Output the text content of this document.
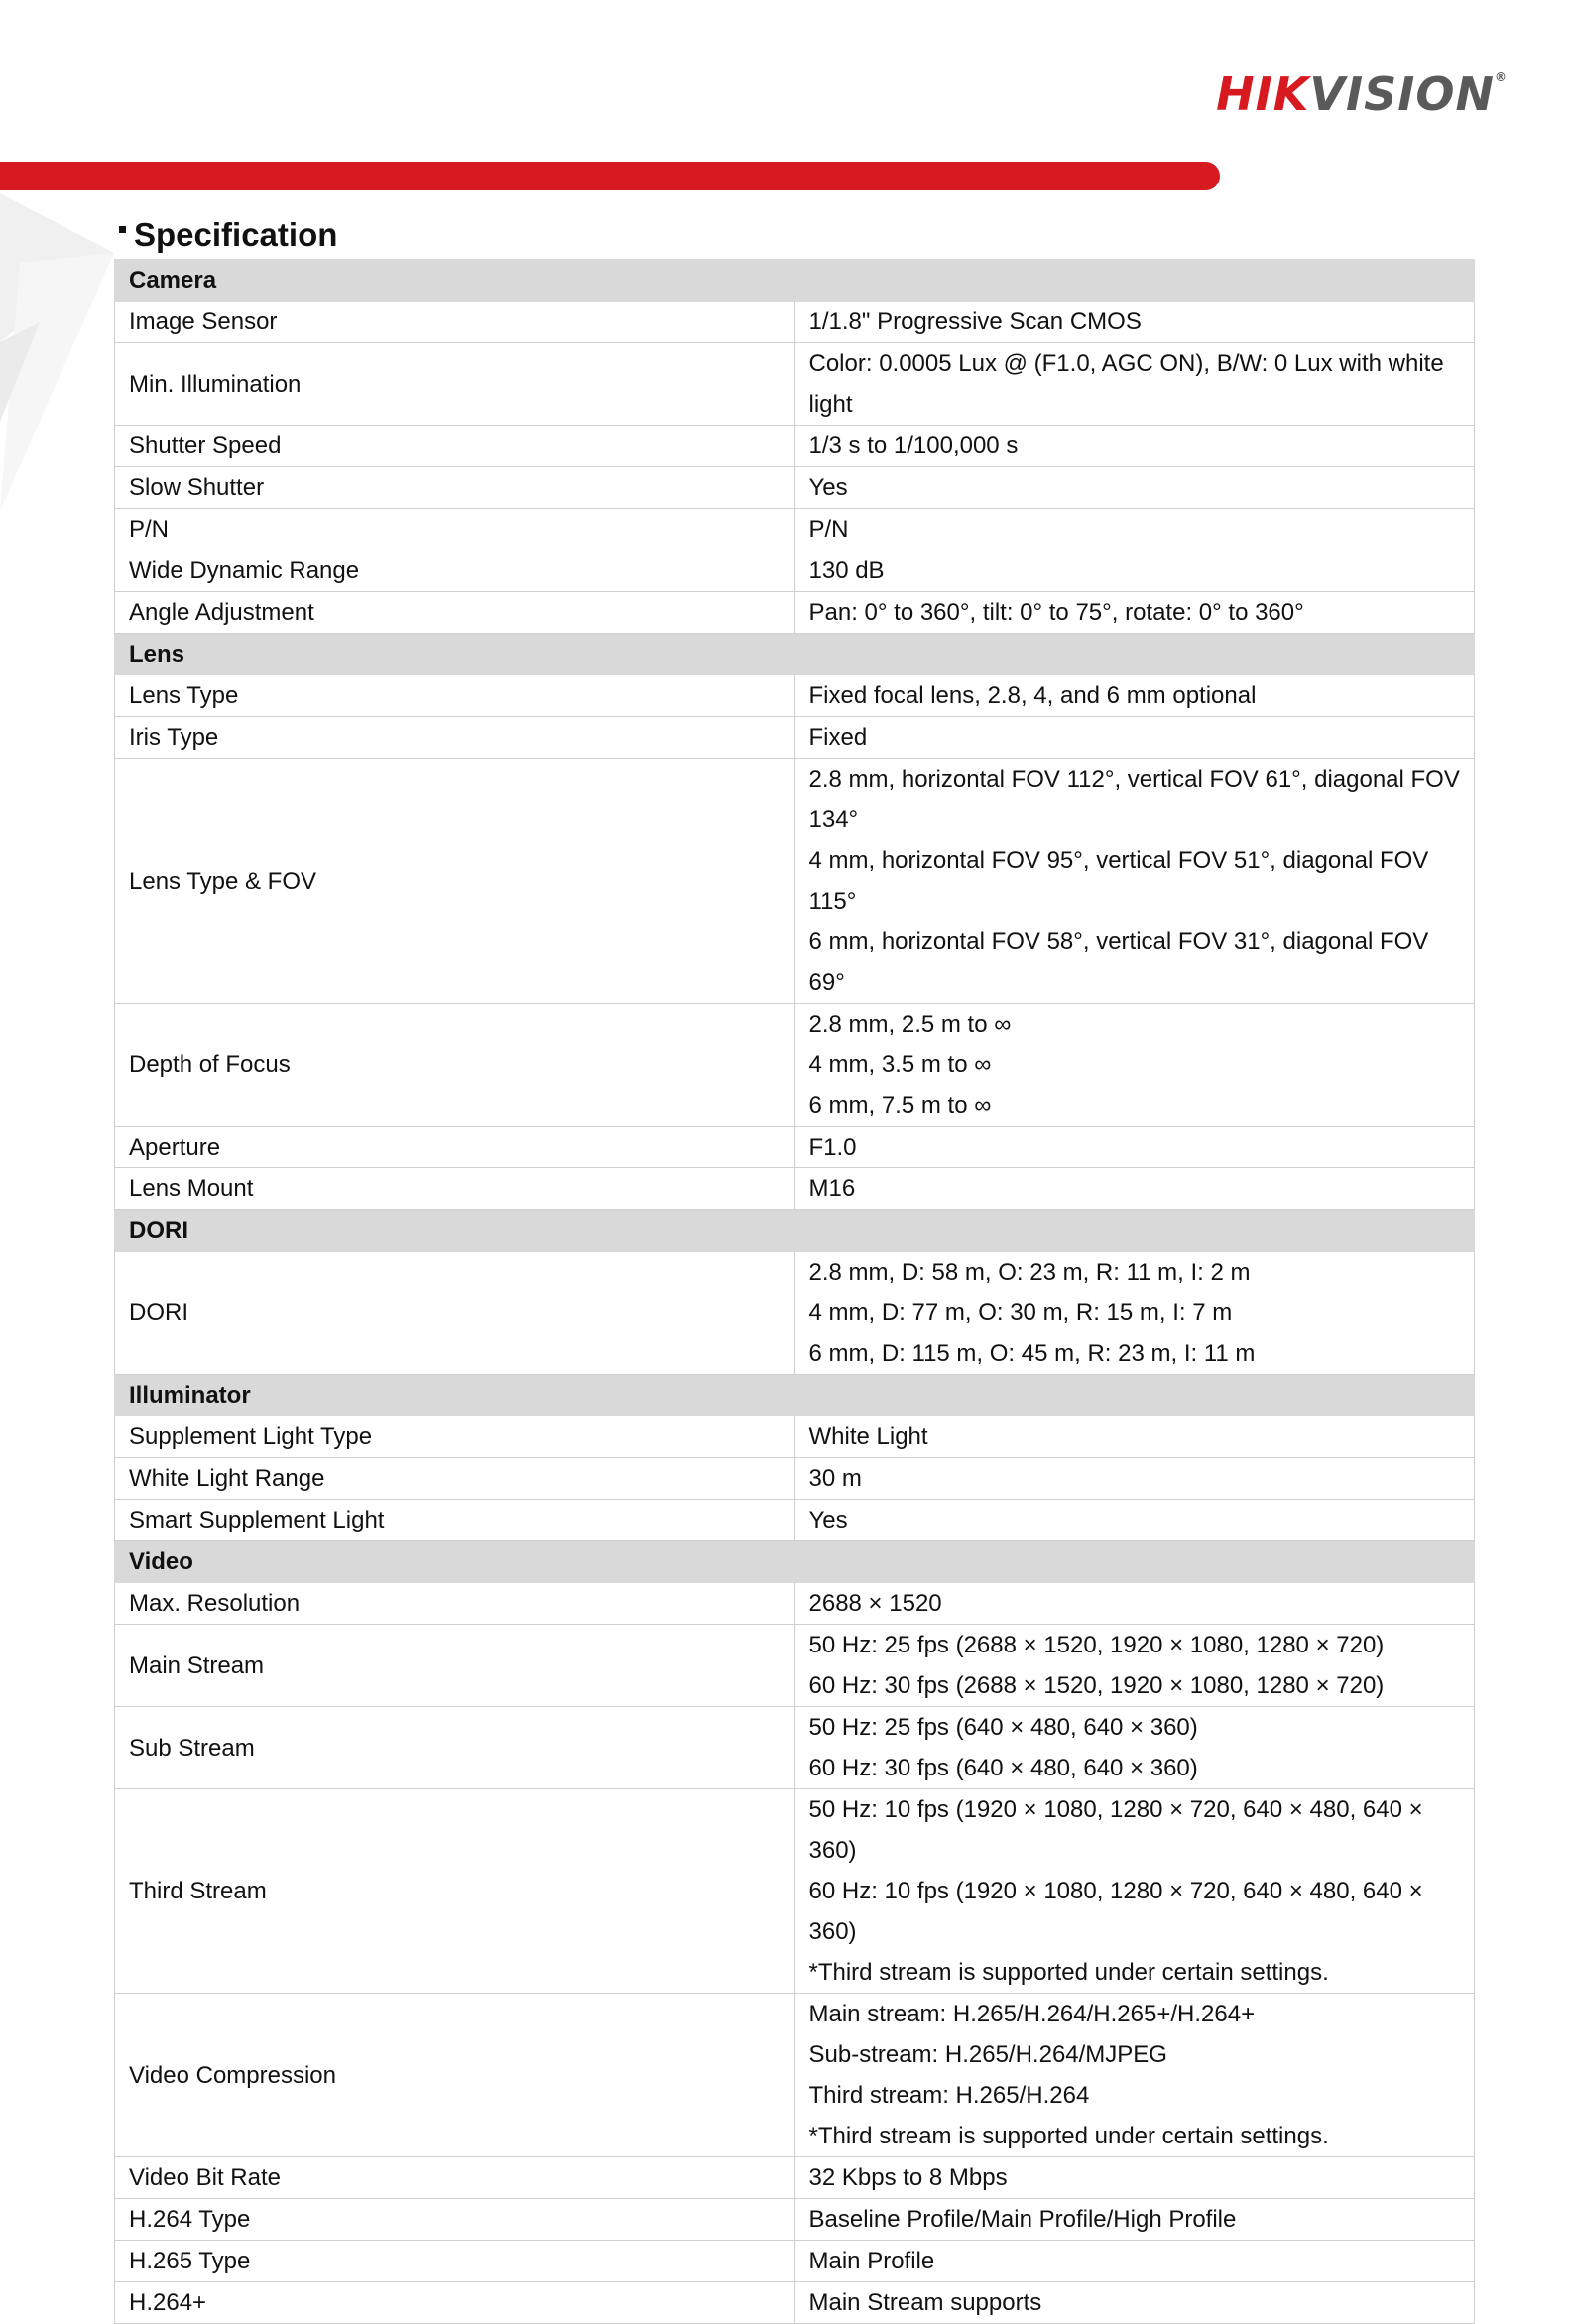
HIKVISION®
Specification
Camera	
Image Sensor	1/1.8" Progressive Scan CMOS

Min. Illumination	Color: 0.0005 Lux @ (F1.0, AGC ON), B/W: 0 Lux with white light

Shutter Speed	1/3 s to 1/100,000 s

Slow Shutter	Yes

P/N	P/N

Wide Dynamic Range	130 dB

Angle Adjustment	Pan: 0° to 360°, tilt: 0° to 75°, rotate: 0° to 360°

Lens	
Lens Type	Fixed focal lens, 2.8, 4, and 6 mm optional

Iris Type	Fixed

Lens Type & FOV	2.8 mm, horizontal FOV 112°, vertical FOV 61°, diagonal FOV 134°
4 mm, horizontal FOV 95°, vertical FOV 51°, diagonal FOV 115°
6 mm, horizontal FOV 58°, vertical FOV 31°, diagonal FOV 69°

Depth of Focus	2.8 mm, 2.5 m to ∞
4 mm, 3.5 m to ∞
6 mm, 7.5 m to ∞

Aperture	F1.0

Lens Mount	M16

DORI	
DORI	2.8 mm, D: 58 m, O: 23 m, R: 11 m, I: 2 m
4 mm, D: 77 m, O: 30 m, R: 15 m, I: 7 m
6 mm, D: 115 m, O: 45 m, R: 23 m, I: 11 m

Illuminator	
Supplement Light Type	White Light

White Light Range	30 m

Smart Supplement Light	Yes

Video	
Max. Resolution	2688 × 1520

Main Stream	50 Hz: 25 fps (2688 × 1520, 1920 × 1080, 1280 × 720)
60 Hz: 30 fps (2688 × 1520, 1920 × 1080, 1280 × 720)

Sub Stream	50 Hz: 25 fps (640 × 480, 640 × 360)
60 Hz: 30 fps (640 × 480, 640 × 360)

Third Stream	50 Hz: 10 fps (1920 × 1080, 1280 × 720, 640 × 480, 640 × 360)
60 Hz: 10 fps (1920 × 1080, 1280 × 720, 640 × 480, 640 × 360)
*Third stream is supported under certain settings.

Video Compression	Main stream: H.265/H.264/H.265+/H.264+
Sub-stream: H.265/H.264/MJPEG
Third stream: H.265/H.264
*Third stream is supported under certain settings.

Video Bit Rate	32 Kbps to 8 Mbps

H.264 Type	Baseline Profile/Main Profile/High Profile

H.265 Type	Main Profile

H.264+	Main Stream supports
